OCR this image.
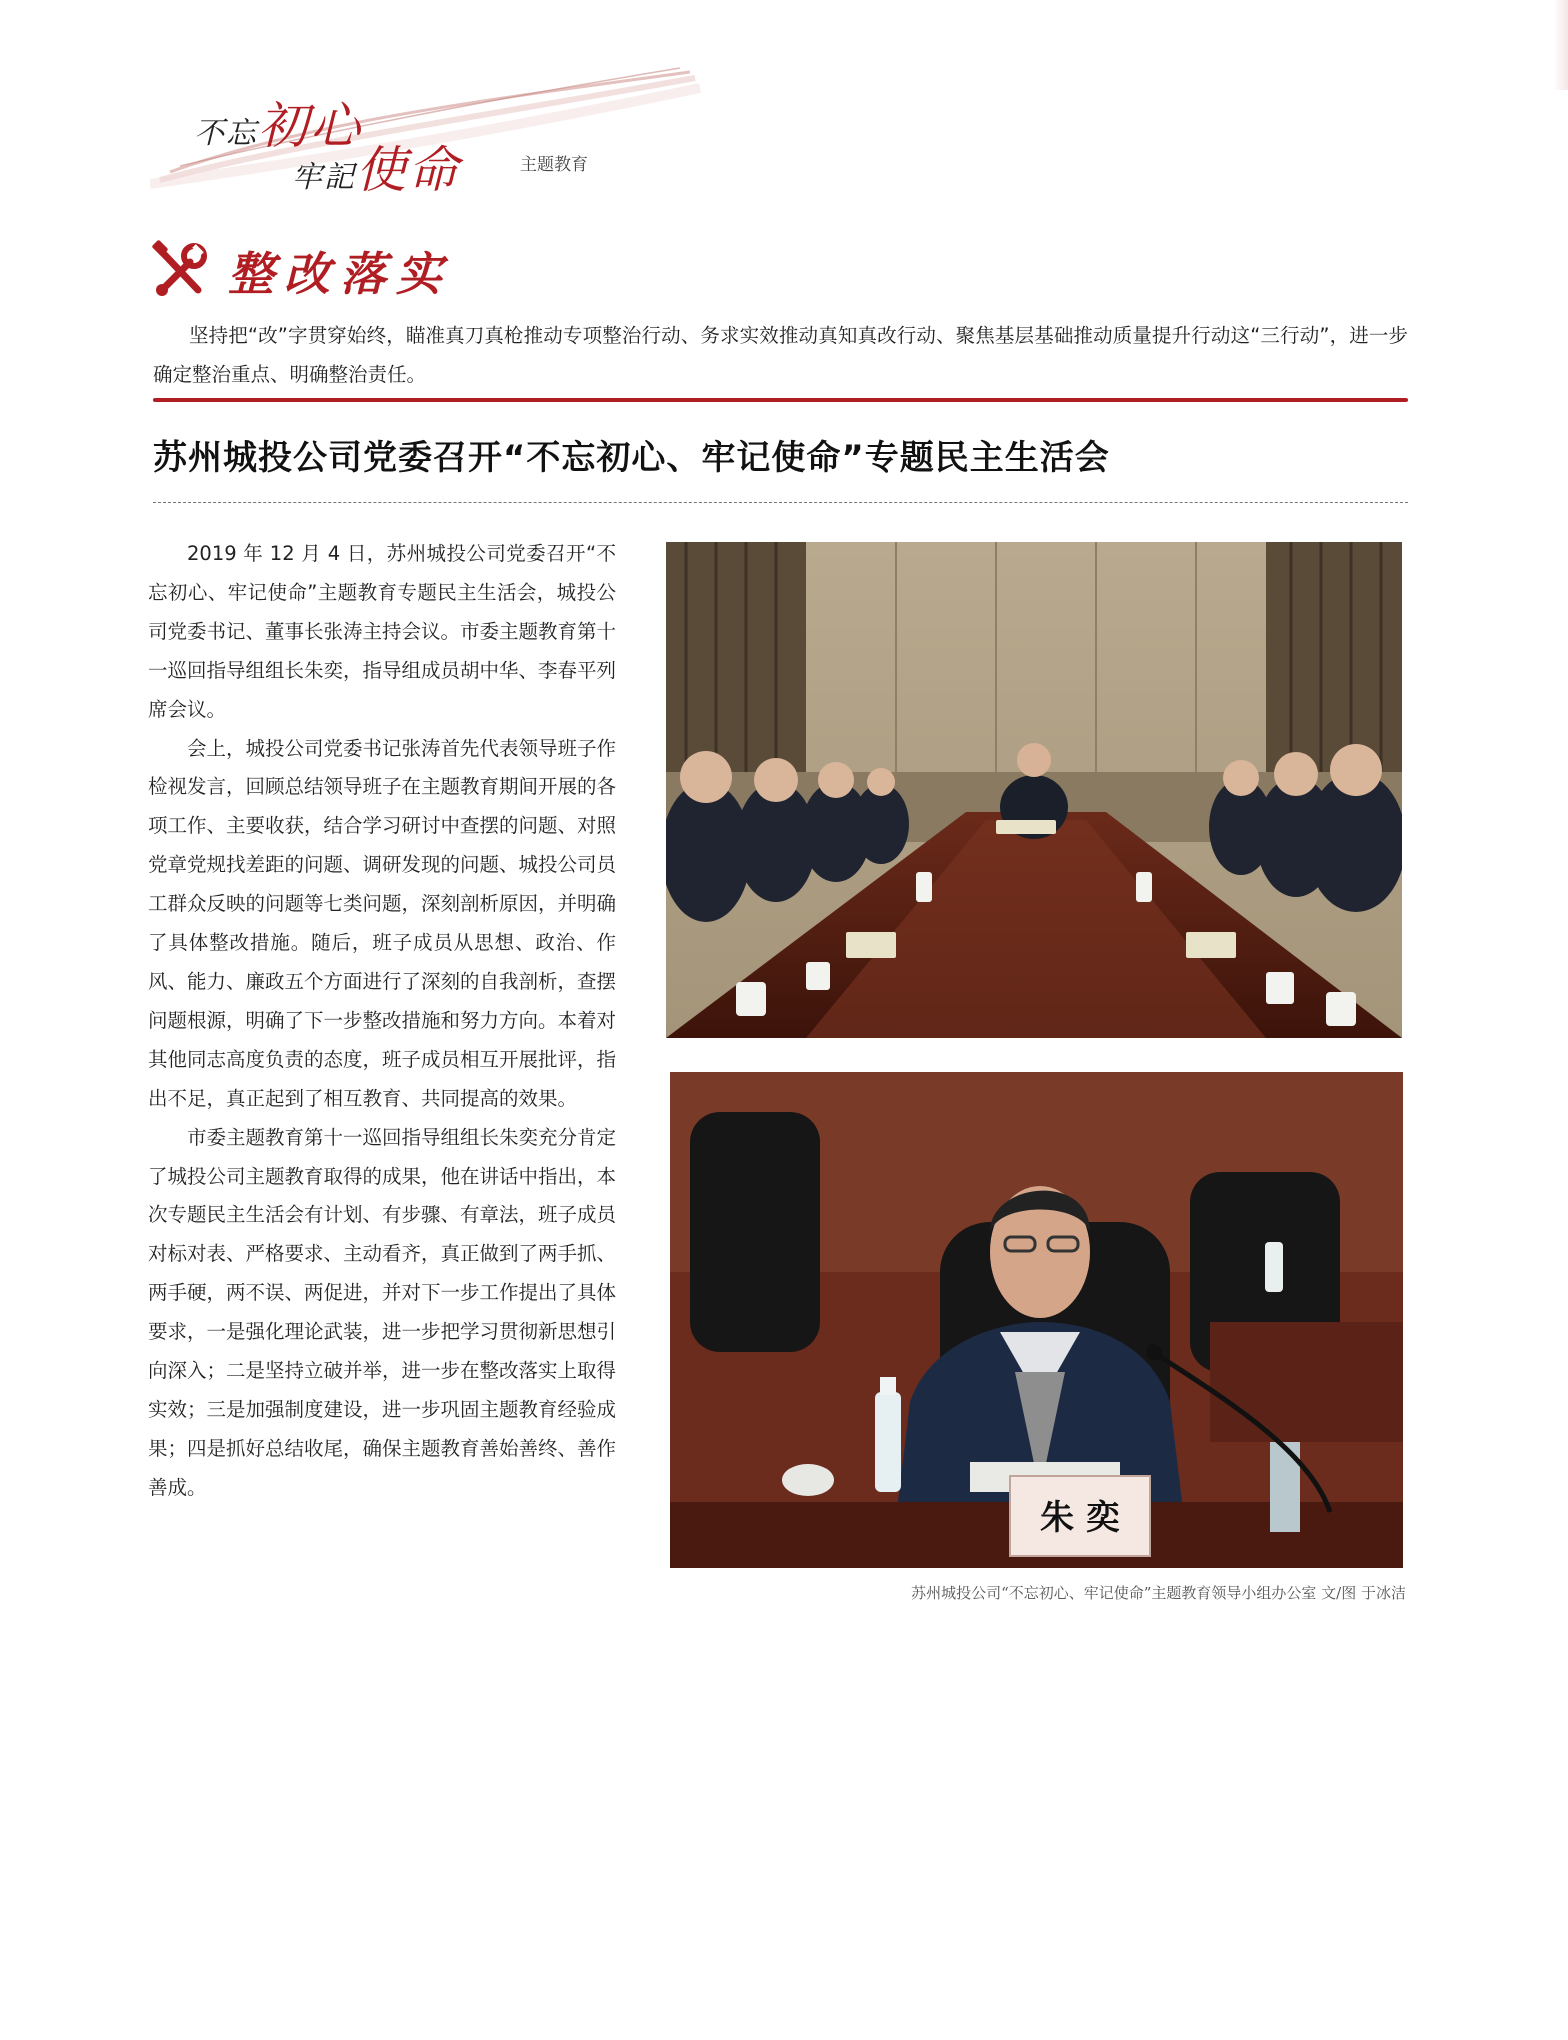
不忘初心
牢記使命	主题教育
整改落实
坚持把“改”字贯穿始终，瞄准真刀真枪推动专项整治行动、务求实效推动真知真改行动、聚焦基层基础推动质量提升行动这“三行动”，进一步确定整治重点、明确整治责任。
苏州城投公司党委召开“不忘初心、牢记使命”专题民主生活会

2019 年 12 月 4 日，苏州城投公司党委召开“不忘初心、牢记使命”主题教育专题民主生活会，城投公司党委书记、董事长张涛主持会议。市委主题教育第十一巡回指导组组长朱奕，指导组成员胡中华、李春平列席会议。

会上，城投公司党委书记张涛首先代表领导班子作检视发言，回顾总结领导班子在主题教育期间开展的各项工作、主要收获，结合学习研讨中查摆的问题、对照党章党规找差距的问题、调研发现的问题、城投公司员工群众反映的问题等七类问题，深刻剖析原因，并明确了具体整改措施。随后，班子成员从思想、政治、作风、能力、廉政五个方面进行了深刻的自我剖析，查摆问题根源，明确了下一步整改措施和努力方向。本着对其他同志高度负责的态度，班子成员相互开展批评，指出不足，真正起到了相互教育、共同提高的效果。

市委主题教育第十一巡回指导组组长朱奕充分肯定了城投公司主题教育取得的成果，他在讲话中指出，本次专题民主生活会有计划、有步骤、有章法，班子成员对标对表、严格要求、主动看齐，真正做到了两手抓、两手硬，两不误、两促进，并对下一步工作提出了具体要求，一是强化理论武装，进一步把学习贯彻新思想引向深入；二是坚持立破并举，进一步在整改落实上取得实效；三是加强制度建设，进一步巩固主题教育经验成果；四是抓好总结收尾，确保主题教育善始善终、善作善成。

朱 奕
苏州城投公司“不忘初心、牢记使命”主题教育领导小组办公室 文/图 于冰洁
